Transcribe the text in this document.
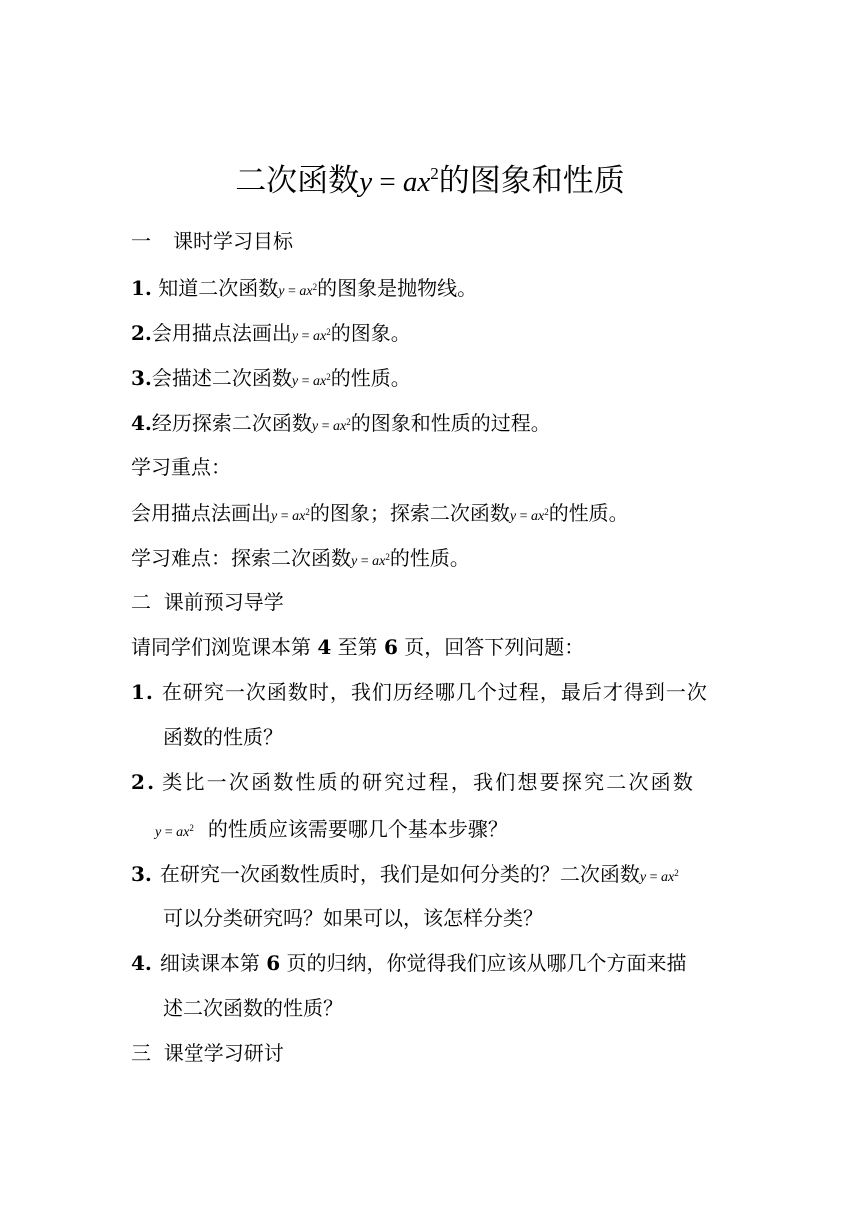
二次函数$y = ax^2$的图象和性质
一 课时学习目标
1. 知道二次函数$y = ax^2$的图象是抛物线。
2.会用描点法画出$y = ax^2$的图象。
3.会描述二次函数$y = ax^2$的性质。
4.经历探索二次函数$y = ax^2$的图象和性质的过程。
学习重点：
会用描点法画出$y = ax^2$的图象；探索二次函数$y = ax^2$的性质。
学习难点：探索二次函数$y = ax^2$的性质。
二  课前预习导学
请同学们浏览课本第 4 至第 6 页，回答下列问题：
1. 在研究一次函数时，我们历经哪几个过程，最后才得到一次
函数的性质？
2. 类比一次函数性质的研究过程，我们想要探究二次函数
$y = ax^2$ 的性质应该需要哪几个基本步骤？
3. 在研究一次函数性质时，我们是如何分类的？二次函数$y = ax^2$
可以分类研究吗？如果可以，该怎样分类？
4. 细读课本第 6 页的归纳，你觉得我们应该从哪几个方面来描
述二次函数的性质？
三  课堂学习研讨
